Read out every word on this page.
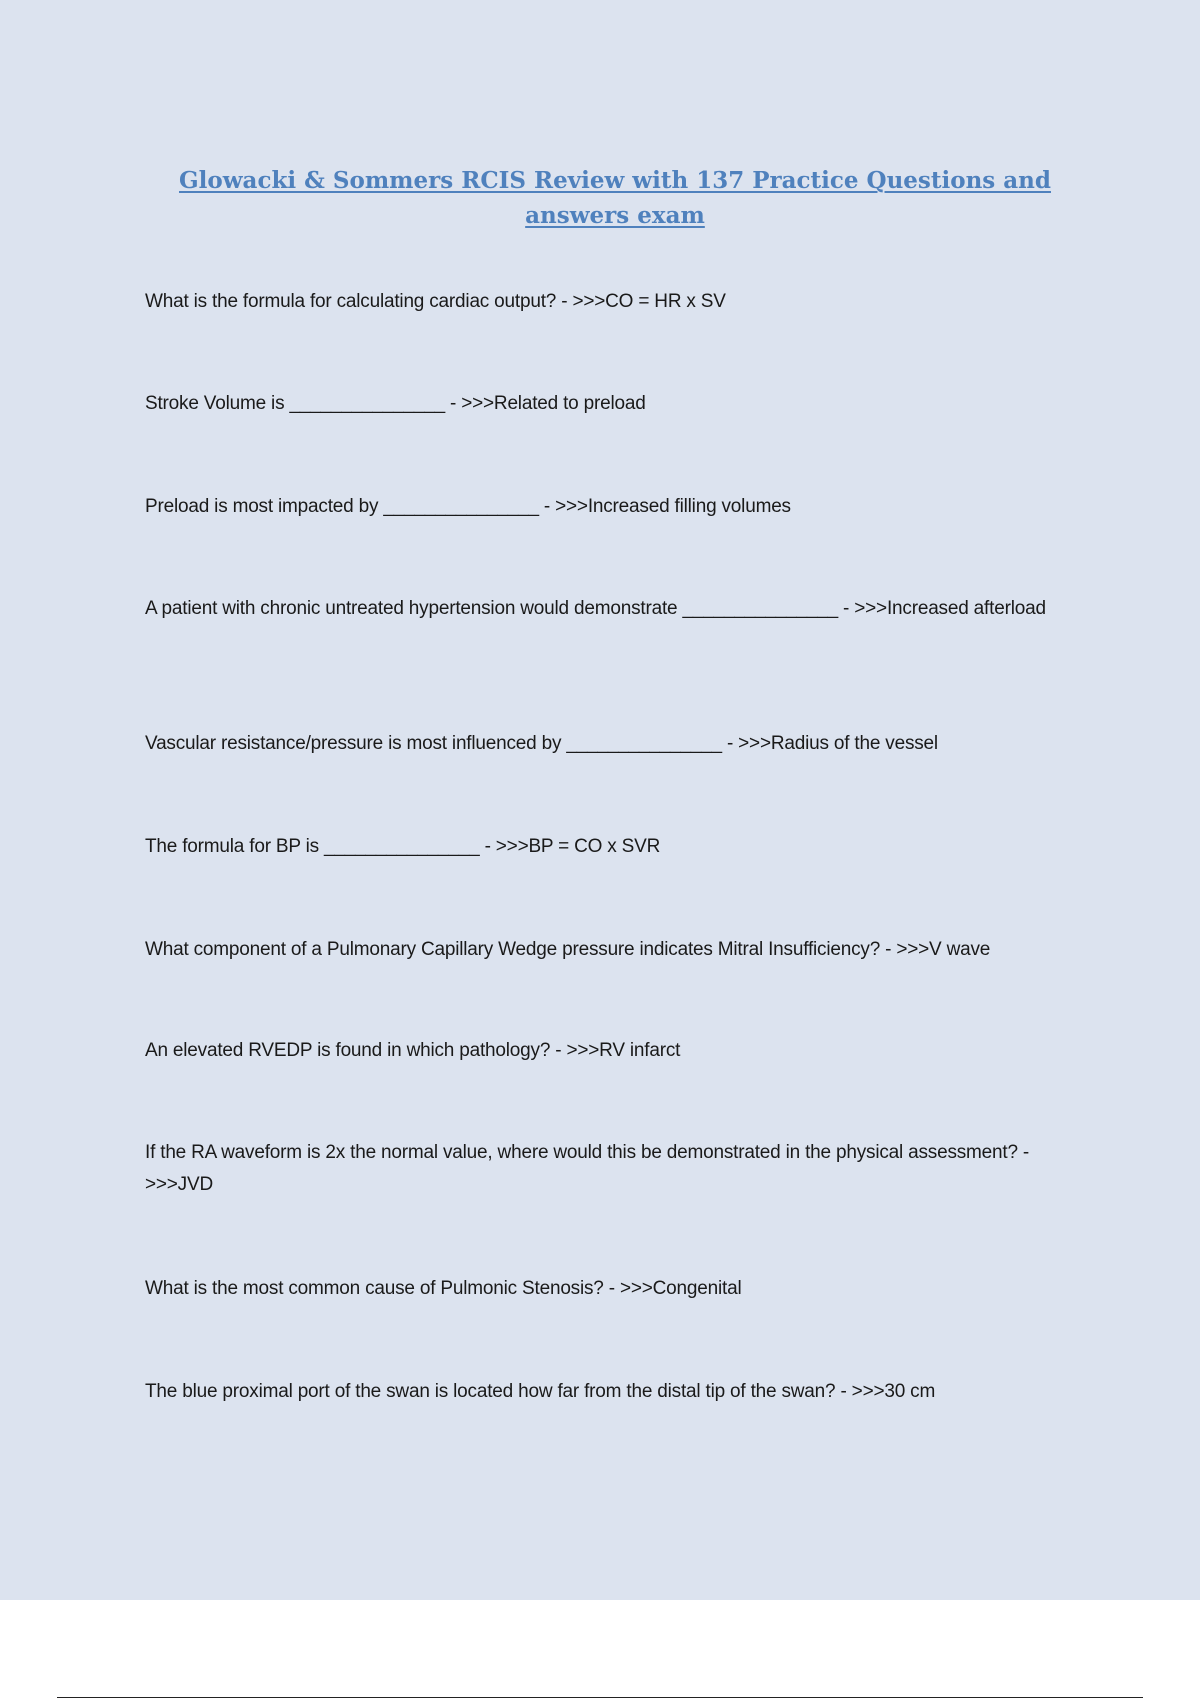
Glowacki & Sommers RCIS Review with 137 Practice Questions and answers exam

What is the formula for calculating cardiac output? - >>>CO = HR x SV

Stroke Volume is _______________ - >>>Related to preload

Preload is most impacted by _______________ - >>>Increased filling volumes

A patient with chronic untreated hypertension would demonstrate _______________ - >>>Increased afterload

Vascular resistance/pressure is most influenced by _______________ - >>>Radius of the vessel

The formula for BP is _______________ - >>>BP = CO x SVR

What component of a Pulmonary Capillary Wedge pressure indicates Mitral Insufficiency? - >>>V wave

An elevated RVEDP is found in which pathology? - >>>RV infarct

If the RA waveform is 2x the normal value, where would this be demonstrated in the physical assessment? - >>>JVD

What is the most common cause of Pulmonic Stenosis? - >>>Congenital

The blue proximal port of the swan is located how far from the distal tip of the swan? - >>>30 cm
